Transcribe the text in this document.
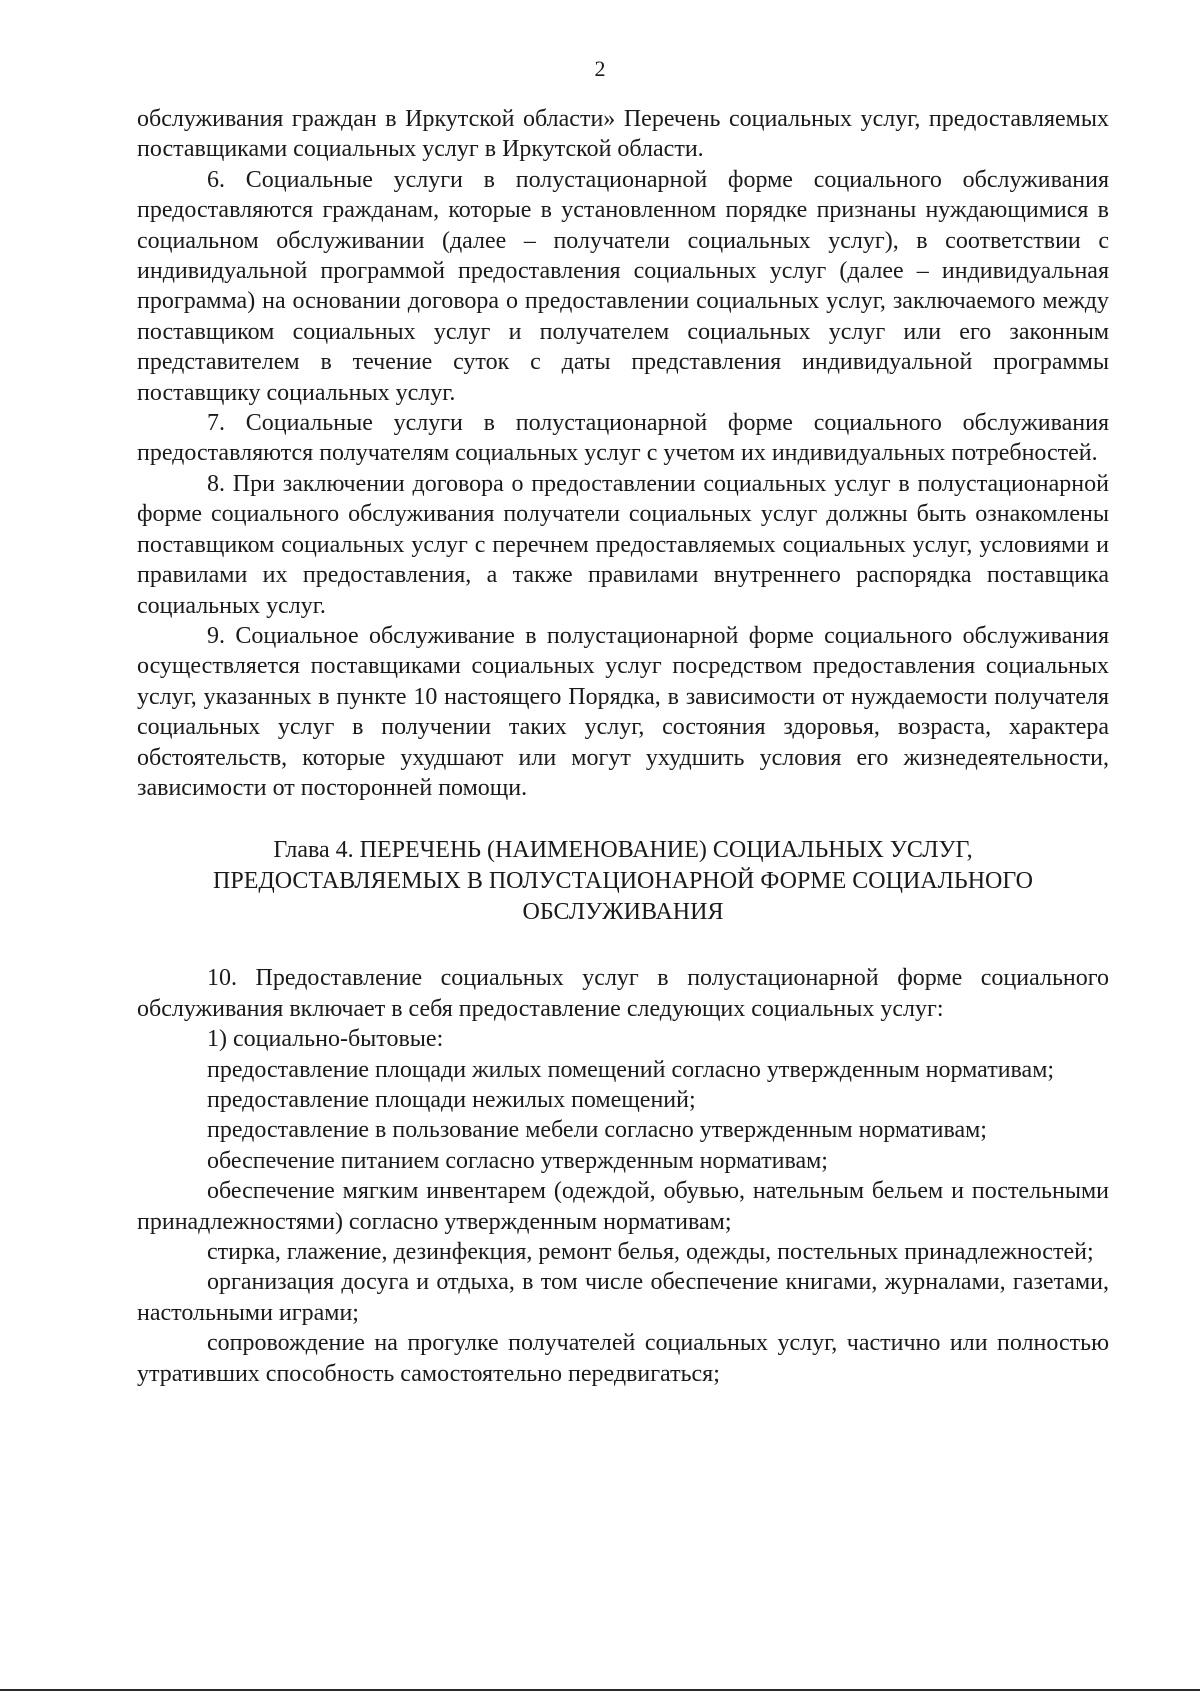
2

обслуживания граждан в Иркутской области» Перечень социальных услуг, предоставляемых поставщиками социальных услуг в Иркутской области.

6. Социальные услуги в полустационарной форме социального обслуживания предоставляются гражданам, которые в установленном порядке признаны нуждающимися в социальном обслуживании (далее – получатели социальных услуг), в соответствии с индивидуальной программой предоставления социальных услуг (далее – индивидуальная программа) на основании договора о предоставлении социальных услуг, заключаемого между поставщиком социальных услуг и получателем социальных услуг или его законным представителем в течение суток с даты представления индивидуальной программы поставщику социальных услуг.

7. Социальные услуги в полустационарной форме социального обслуживания предоставляются получателям социальных услуг с учетом их индивидуальных потребностей.

8. При заключении договора о предоставлении социальных услуг в полустационарной форме социального обслуживания получатели социальных услуг должны быть ознакомлены поставщиком социальных услуг с перечнем предоставляемых социальных услуг, условиями и правилами их предоставления, а также правилами внутреннего распорядка поставщика социальных услуг.

9. Социальное обслуживание в полустационарной форме социального обслуживания осуществляется поставщиками социальных услуг посредством предоставления социальных услуг, указанных в пункте 10 настоящего Порядка, в зависимости от нуждаемости получателя социальных услуг в получении таких услуг, состояния здоровья, возраста, характера обстоятельств, которые ухудшают или могут ухудшить условия его жизнедеятельности, зависимости от посторонней помощи.

Глава 4. ПЕРЕЧЕНЬ (НАИМЕНОВАНИЕ) СОЦИАЛЬНЫХ УСЛУГ,
ПРЕДОСТАВЛЯЕМЫХ В ПОЛУСТАЦИОНАРНОЙ ФОРМЕ СОЦИАЛЬНОГО
ОБСЛУЖИВАНИЯ

10. Предоставление социальных услуг в полустационарной форме социального обслуживания включает в себя предоставление следующих социальных услуг:

1) социально-бытовые:

предоставление площади жилых помещений согласно утвержденным нормативам;

предоставление площади нежилых помещений;

предоставление в пользование мебели согласно утвержденным нормативам;

обеспечение питанием согласно утвержденным нормативам;

обеспечение мягким инвентарем (одеждой, обувью, нательным бельем и постельными принадлежностями) согласно утвержденным нормативам;

стирка, глажение, дезинфекция, ремонт белья, одежды, постельных принадлежностей;

организация досуга и отдыха, в том числе обеспечение книгами, журналами, газетами, настольными играми;

сопровождение на прогулке получателей социальных услуг, частично или полностью утративших способность самостоятельно передвигаться;
